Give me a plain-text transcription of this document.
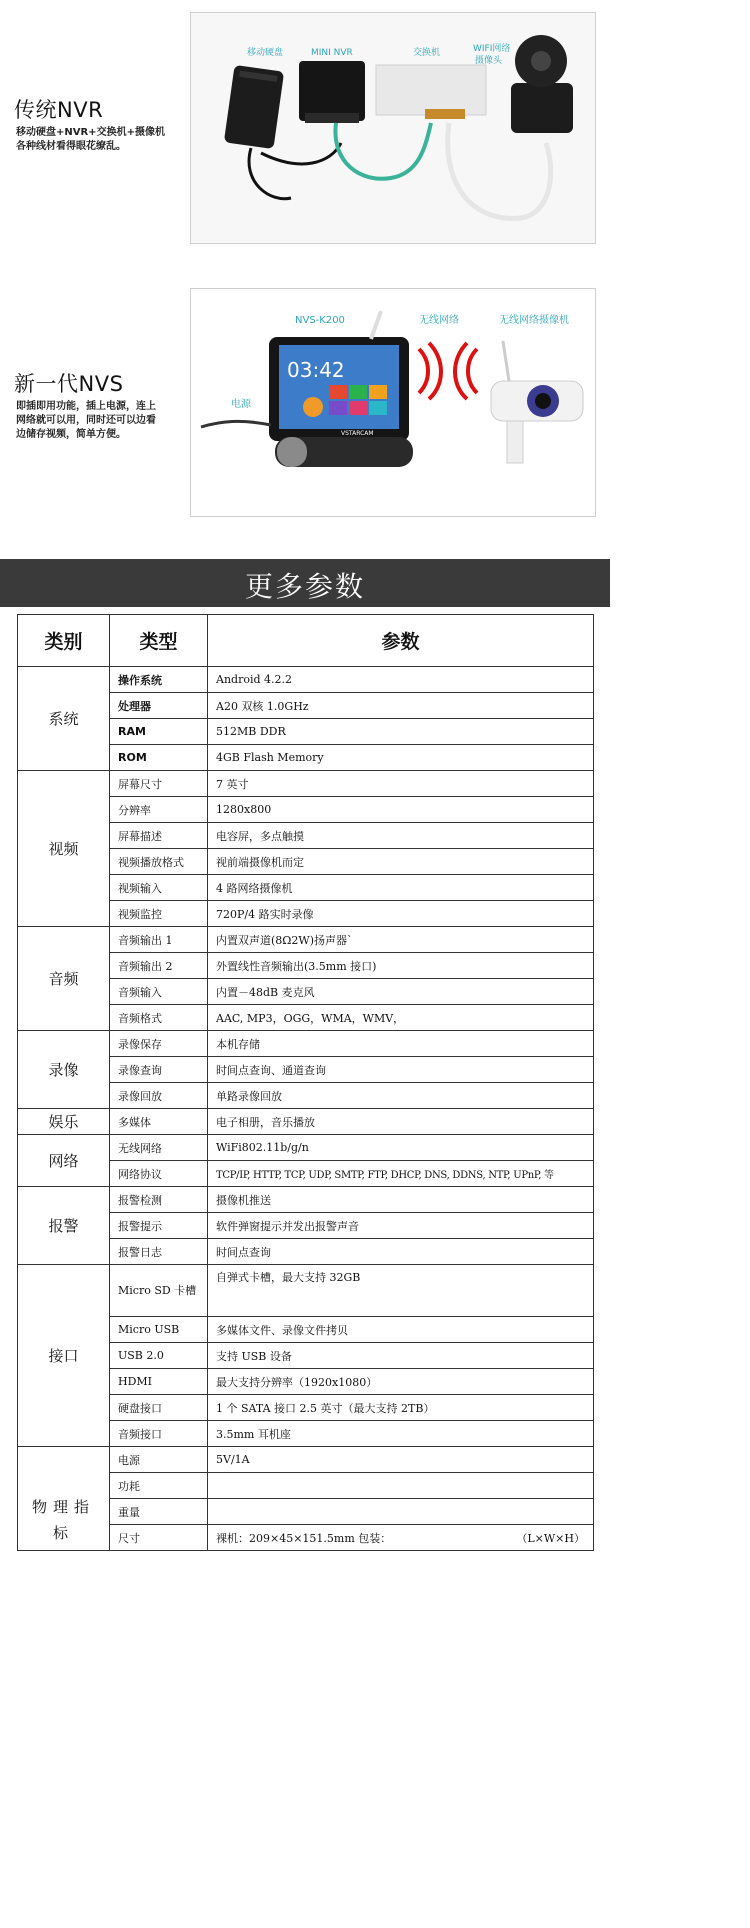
传统NVR
移动硬盘+NVR+交换机+摄像机
各种线材看得眼花缭乱。
移动硬盘	MINI NVR	交换机	WIFI网络
摄像头
新一代NVS
即插即用功能，插上电源，连上
网络就可以用，同时还可以边看
边储存视频，简单方便。
03:42
VSTARCAM
NVS-K200	无线网络	无线网络摄像机
电源
更多参数
类别	类型	参数
系统	操作系统	Android 4.2.2
	处理器	A20 双核 1.0GHz
	RAM	512MB DDR
	ROM	4GB Flash Memory
视频	屏幕尺寸	7 英寸
	分辨率	1280x800
	屏幕描述	电容屏，多点触摸
	视频播放格式	视前端摄像机而定
	视频输入	4 路网络摄像机
	视频监控	720P/4 路实时录像
音频	音频输出 1	内置双声道(8Ω2W)扬声器`
	音频输出 2	外置线性音频输出(3.5mm 接口)
	音频输入	内置－48dB 麦克风
	音频格式	AAC, MP3，OGG，WMA，WMV，
录像	录像保存	本机存储
	录像查询	时间点查询、通道查询
	录像回放	单路录像回放
娱乐	多媒体	电子相册，音乐播放
网络	无线网络	WiFi802.11b/g/n
	网络协议	TCP/IP, HTTP, TCP, UDP, SMTP, FTP, DHCP, DNS, DDNS, NTP, UPnP, 等
报警	报警检测	摄像机推送
	报警提示	软件弹窗提示并发出报警声音
	报警日志	时间点查询
接口	Micro SD 卡槽	自弹式卡槽，最大支持 32GB
	Micro USB	多媒体文件、录像文件拷贝
	USB 2.0	支持 USB 设备
	HDMI	最大支持分辨率（1920x1080）
	硬盘接口	1 个 SATA 接口 2.5 英寸（最大支持 2TB）
	音频接口	3.5mm 耳机座
物理指标	电源	5V/1A
	功耗	
	重量	
	尺寸	裸机：209×45×151.5mm 包装： （L×W×H）
